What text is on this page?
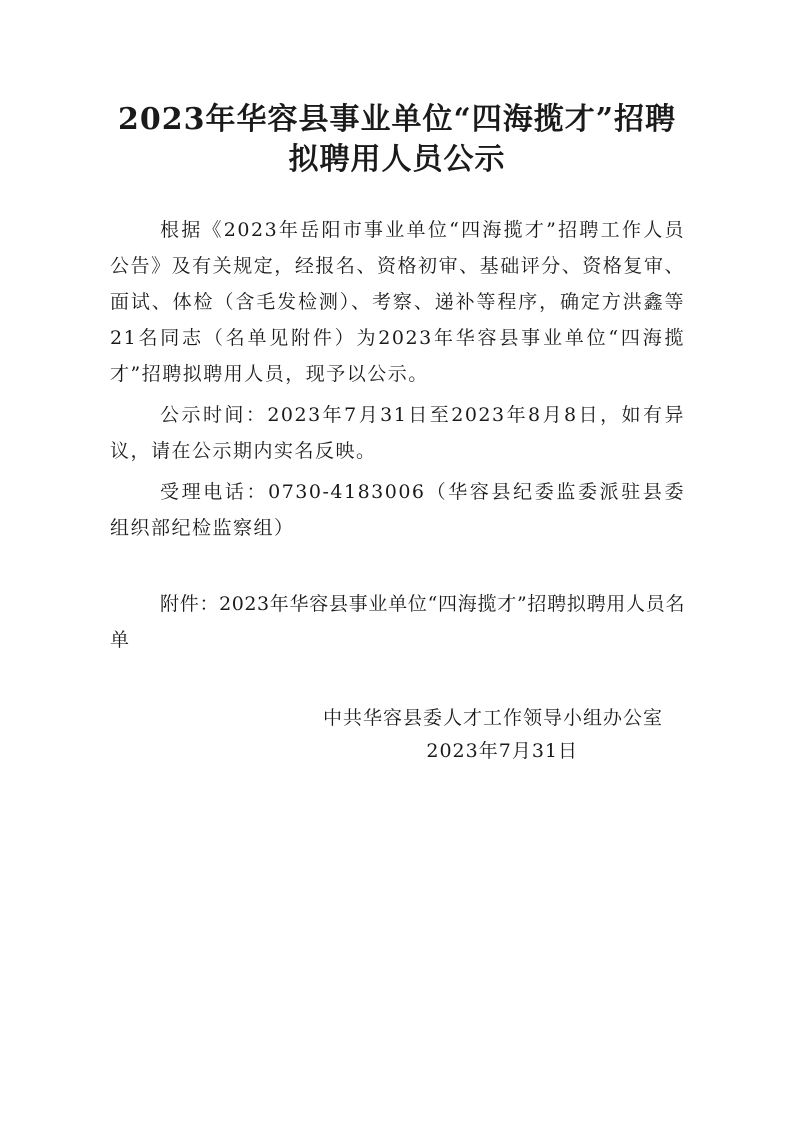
2023年华容县事业单位“四海揽才”招聘
拟聘用人员公示

根据《2023年岳阳市事业单位“四海揽才”招聘工作人员公告》及有关规定，经报名、资格初审、基础评分、资格复审、面试、体检（含毛发检测）、考察、递补等程序，确定方洪鑫等21名同志（名单见附件）为2023年华容县事业单位“四海揽才”招聘拟聘用人员，现予以公示。

公示时间：2023年7月31日至2023年8月8日，如有异议，请在公示期内实名反映。

受理电话：0730-4183006（华容县纪委监委派驻县委组织部纪检监察组）

附件：2023年华容县事业单位“四海揽才”招聘拟聘用人员名单

中共华容县委人才工作领导小组办公室

2023年7月31日
